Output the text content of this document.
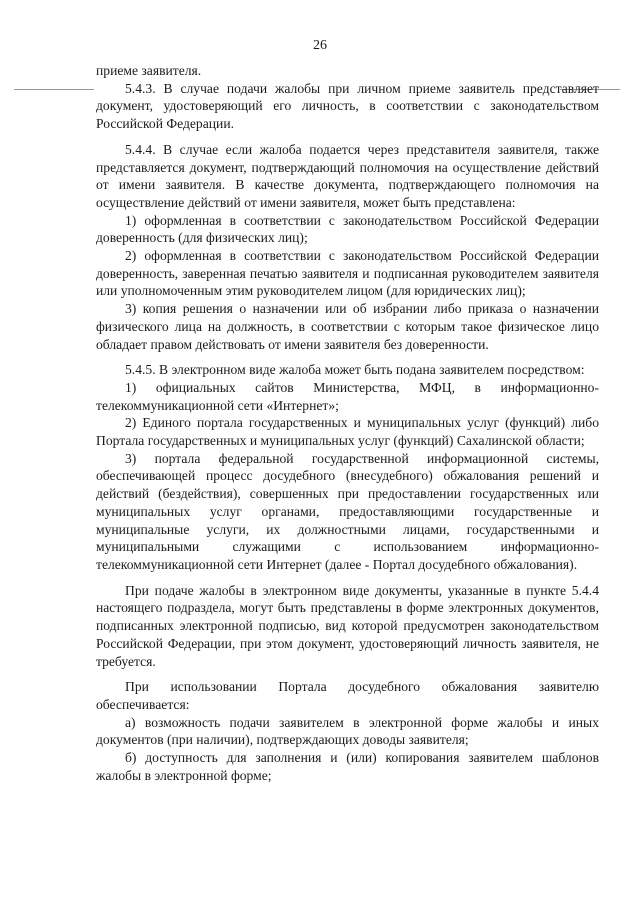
26

приеме заявителя.

5.4.3. В случае подачи жалобы при личном приеме заявитель представляет документ, удостоверяющий его личность, в соответствии с законодательством Российской Федерации.

5.4.4. В случае если жалоба подается через представителя заявителя, также представляется документ, подтверждающий полномочия на осуществление действий от имени заявителя. В качестве документа, подтверждающего полномочия на осуществление действий от имени заявителя, может быть представлена:

1) оформленная в соответствии с законодательством Российской Федерации доверенность (для физических лиц);

2) оформленная в соответствии с законодательством Российской Федерации доверенность, заверенная печатью заявителя и подписанная руководителем заявителя или уполномоченным этим руководителем лицом (для юридических лиц);

3) копия решения о назначении или об избрании либо приказа о назначении физического лица на должность, в соответствии с которым такое физическое лицо обладает правом действовать от имени заявителя без доверенности.

5.4.5. В электронном виде жалоба может быть подана заявителем посредством:

1) официальных сайтов Министерства, МФЦ, в информационно-телекоммуникационной сети «Интернет»;

2) Единого портала государственных и муниципальных услуг (функций) либо Портала государственных и муниципальных услуг (функций) Сахалинской области;

3) портала федеральной государственной информационной системы, обеспечивающей процесс досудебного (внесудебного) обжалования решений и действий (бездействия), совершенных при предоставлении государственных или муниципальных услуг органами, предоставляющими государственные и муниципальные услуги, их должностными лицами, государственными и муниципальными служащими с использованием информационно-телекоммуникационной сети Интернет (далее - Портал досудебного обжалования).

При подаче жалобы в электронном виде документы, указанные в пункте 5.4.4 настоящего подраздела, могут быть представлены в форме электронных документов, подписанных электронной подписью, вид которой предусмотрен законодательством Российской Федерации, при этом документ, удостоверяющий личность заявителя, не требуется.

При использовании Портала досудебного обжалования заявителю обеспечивается:

а) возможность подачи заявителем в электронной форме жалобы и иных документов (при наличии), подтверждающих доводы заявителя;

б) доступность для заполнения и (или) копирования заявителем шаблонов жалобы в электронной форме;
